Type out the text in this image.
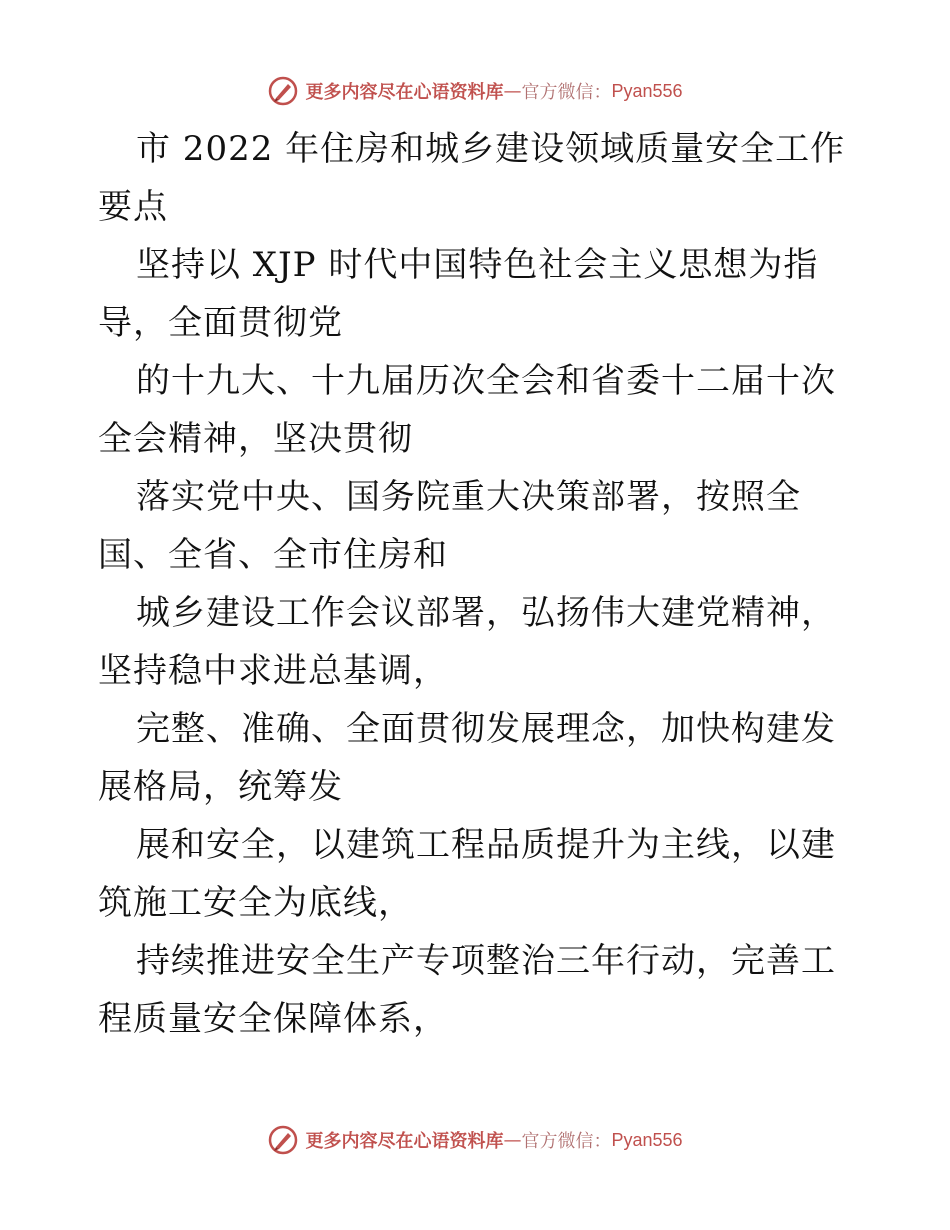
更多内容尽在心语资料库 — 官方微信： Pyan556

市 2022 年住房和城乡建设领域质量安全工作要点

坚持以 XJP 时代中国特色社会主义思想为指导，全面贯彻党

的十九大、十九届历次全会和省委十二届十次全会精神，坚决贯彻

落实党中央、国务院重大决策部署，按照全国、全省、全市住房和

城乡建设工作会议部署，弘扬伟大建党精神，坚持稳中求进总基调，

完整、准确、全面贯彻发展理念，加快构建发展格局，统筹发

展和安全，以建筑工程品质提升为主线，以建筑施工安全为底线，

持续推进安全生产专项整治三年行动，完善工程质量安全保障体系，

更多内容尽在心语资料库 — 官方微信： Pyan556
